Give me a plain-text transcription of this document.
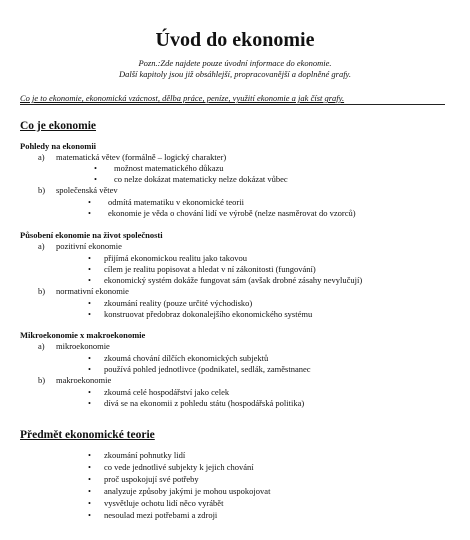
Úvod do ekonomie
Pozn.:Zde najdete pouze úvodní informace do ekonomie.
Další kapitoly jsou již obsáhlejší, propracovanější a doplněné grafy.
Co je to ekonomie, ekonomická vzácnost, dělba práce, peníze, využití ekonomie a jak číst grafy.
Co je ekonomie
Pohledy na ekonomii
a) matematická větev (formálně – logický charakter)
• možnost matematického důkazu
• co nelze dokázat matematicky nelze dokázat vůbec
b) společenská větev
• odmítá matematiku v ekonomické teorii
• ekonomie je věda o chování lidí ve výrobě (nelze nasměrovat do vzorců)
Působení ekonomie na život společnosti
a) pozitivní ekonomie
• přijímá ekonomickou realitu jako takovou
• cílem je realitu popisovat a hledat v ní zákonitosti (fungování)
• ekonomický systém dokáže fungovat sám (avšak drobné zásahy nevylučují)
b) normativní ekonomie
• zkoumání reality (pouze určité východisko)
• konstruovat předobraz dokonalejšího ekonomického systému
Mikroekonomie x makroekonomie
a) mikroekonomie
• zkoumá chování dílčích ekonomických subjektů
• používá pohled jednotlivce (podnikatel, sedlák, zaměstnanec
b) makroekonomie
• zkoumá celé hospodářství jako celek
• dívá se na ekonomii z pohledu státu (hospodářská politika)
Předmět ekonomické teorie
• zkoumání pohnutky lidí
• co vede jednotlivé subjekty k jejich chování
• proč uspokojují své potřeby
• analyzuje způsoby jakými je mohou uspokojovat
• vysvětluje ochotu lidí něco vyrábět
• nesoulad mezi potřebami a zdroji
